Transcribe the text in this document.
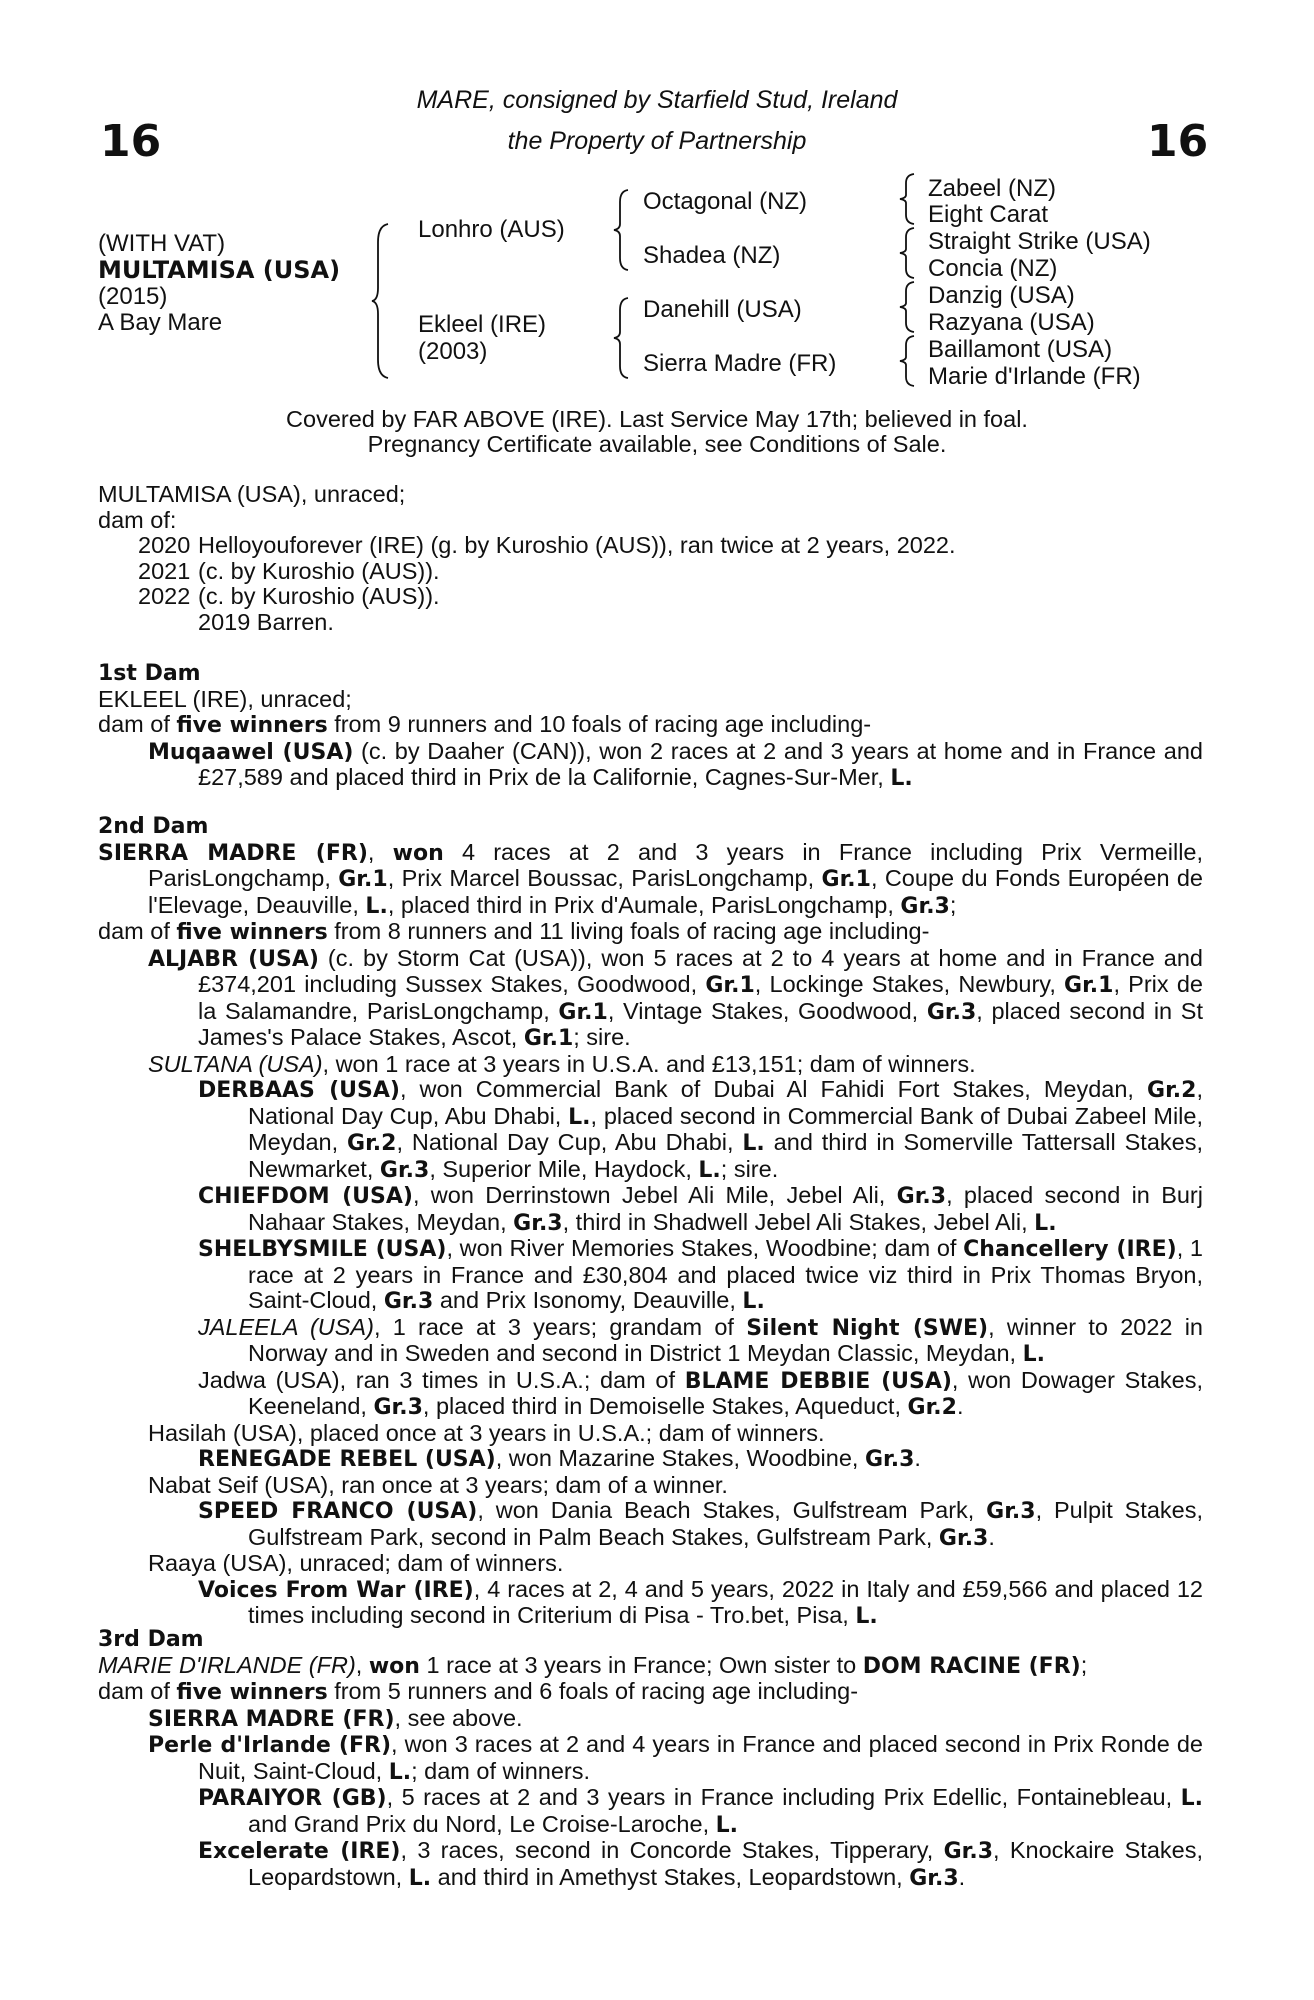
16	16
MARE, consigned by Starfield Stud, Ireland
the Property of Partnership
(WITH VAT)
MULTAMISA (USA)
(2015)
A Bay Mare
Lonhro (AUS)
Ekleel (IRE)
(2003)
Octagonal (NZ)
Shadea (NZ)
Danehill (USA)
Sierra Madre (FR)
Zabeel (NZ)
Eight Carat
Straight Strike (USA)
Concia (NZ)
Danzig (USA)
Razyana (USA)
Baillamont (USA)
Marie d'Irlande (FR)
Covered by FAR ABOVE (IRE). Last Service May 17th; believed in foal.
Pregnancy Certificate available, see Conditions of Sale.

MULTAMISA (USA), unraced;

dam of:

2020 Helloyouforever (IRE) (g. by Kuroshio (AUS)), ran twice at 2 years, 2022.
2021 (c. by Kuroshio (AUS)).
2022 (c. by Kuroshio (AUS)).
2019 Barren.

1st Dam

EKLEEL (IRE), unraced;

dam of five winners from 9 runners and 10 foals of racing age including-

Muqaawel (USA) (c. by Daaher (CAN)), won 2 races at 2 and 3 years at home and in France and £27,589 and placed third in Prix de la Californie, Cagnes-Sur-Mer, L.

2nd Dam

SIERRA MADRE (FR), won 4 races at 2 and 3 years in France including Prix Vermeille, ParisLongchamp, Gr.1, Prix Marcel Boussac, ParisLongchamp, Gr.1, Coupe du Fonds Européen de l'Elevage, Deauville, L., placed third in Prix d'Aumale, ParisLongchamp, Gr.3;

dam of five winners from 8 runners and 11 living foals of racing age including-

ALJABR (USA) (c. by Storm Cat (USA)), won 5 races at 2 to 4 years at home and in France and £374,201 including Sussex Stakes, Goodwood, Gr.1, Lockinge Stakes, Newbury, Gr.1, Prix de la Salamandre, ParisLongchamp, Gr.1, Vintage Stakes, Goodwood, Gr.3, placed second in St James's Palace Stakes, Ascot, Gr.1; sire.

SULTANA (USA), won 1 race at 3 years in U.S.A. and £13,151; dam of winners.

DERBAAS (USA), won Commercial Bank of Dubai Al Fahidi Fort Stakes, Meydan, Gr.2, National Day Cup, Abu Dhabi, L., placed second in Commercial Bank of Dubai Zabeel Mile, Meydan, Gr.2, National Day Cup, Abu Dhabi, L. and third in Somerville Tattersall Stakes, Newmarket, Gr.3, Superior Mile, Haydock, L.; sire.

CHIEFDOM (USA), won Derrinstown Jebel Ali Mile, Jebel Ali, Gr.3, placed second in Burj Nahaar Stakes, Meydan, Gr.3, third in Shadwell Jebel Ali Stakes, Jebel Ali, L.

SHELBYSMILE (USA), won River Memories Stakes, Woodbine; dam of Chancellery (IRE), 1 race at 2 years in France and £30,804 and placed twice viz third in Prix Thomas Bryon, Saint-Cloud, Gr.3 and Prix Isonomy, Deauville, L.

JALEELA (USA), 1 race at 3 years; grandam of Silent Night (SWE), winner to 2022 in Norway and in Sweden and second in District 1 Meydan Classic, Meydan, L.

Jadwa (USA), ran 3 times in U.S.A.; dam of BLAME DEBBIE (USA), won Dowager Stakes, Keeneland, Gr.3, placed third in Demoiselle Stakes, Aqueduct, Gr.2.

Hasilah (USA), placed once at 3 years in U.S.A.; dam of winners.

RENEGADE REBEL (USA), won Mazarine Stakes, Woodbine, Gr.3.

Nabat Seif (USA), ran once at 3 years; dam of a winner.

SPEED FRANCO (USA), won Dania Beach Stakes, Gulfstream Park, Gr.3, Pulpit Stakes, Gulfstream Park, second in Palm Beach Stakes, Gulfstream Park, Gr.3.

Raaya (USA), unraced; dam of winners.

Voices From War (IRE), 4 races at 2, 4 and 5 years, 2022 in Italy and £59,566 and placed 12 times including second in Criterium di Pisa - Tro.bet, Pisa, L.

3rd Dam

MARIE D'IRLANDE (FR), won 1 race at 3 years in France; Own sister to DOM RACINE (FR);

dam of five winners from 5 runners and 6 foals of racing age including-

SIERRA MADRE (FR), see above.

Perle d'Irlande (FR), won 3 races at 2 and 4 years in France and placed second in Prix Ronde de Nuit, Saint-Cloud, L.; dam of winners.

PARAIYOR (GB), 5 races at 2 and 3 years in France including Prix Edellic, Fontainebleau, L. and Grand Prix du Nord, Le Croise-Laroche, L.

Excelerate (IRE), 3 races, second in Concorde Stakes, Tipperary, Gr.3, Knockaire Stakes, Leopardstown, L. and third in Amethyst Stakes, Leopardstown, Gr.3.
